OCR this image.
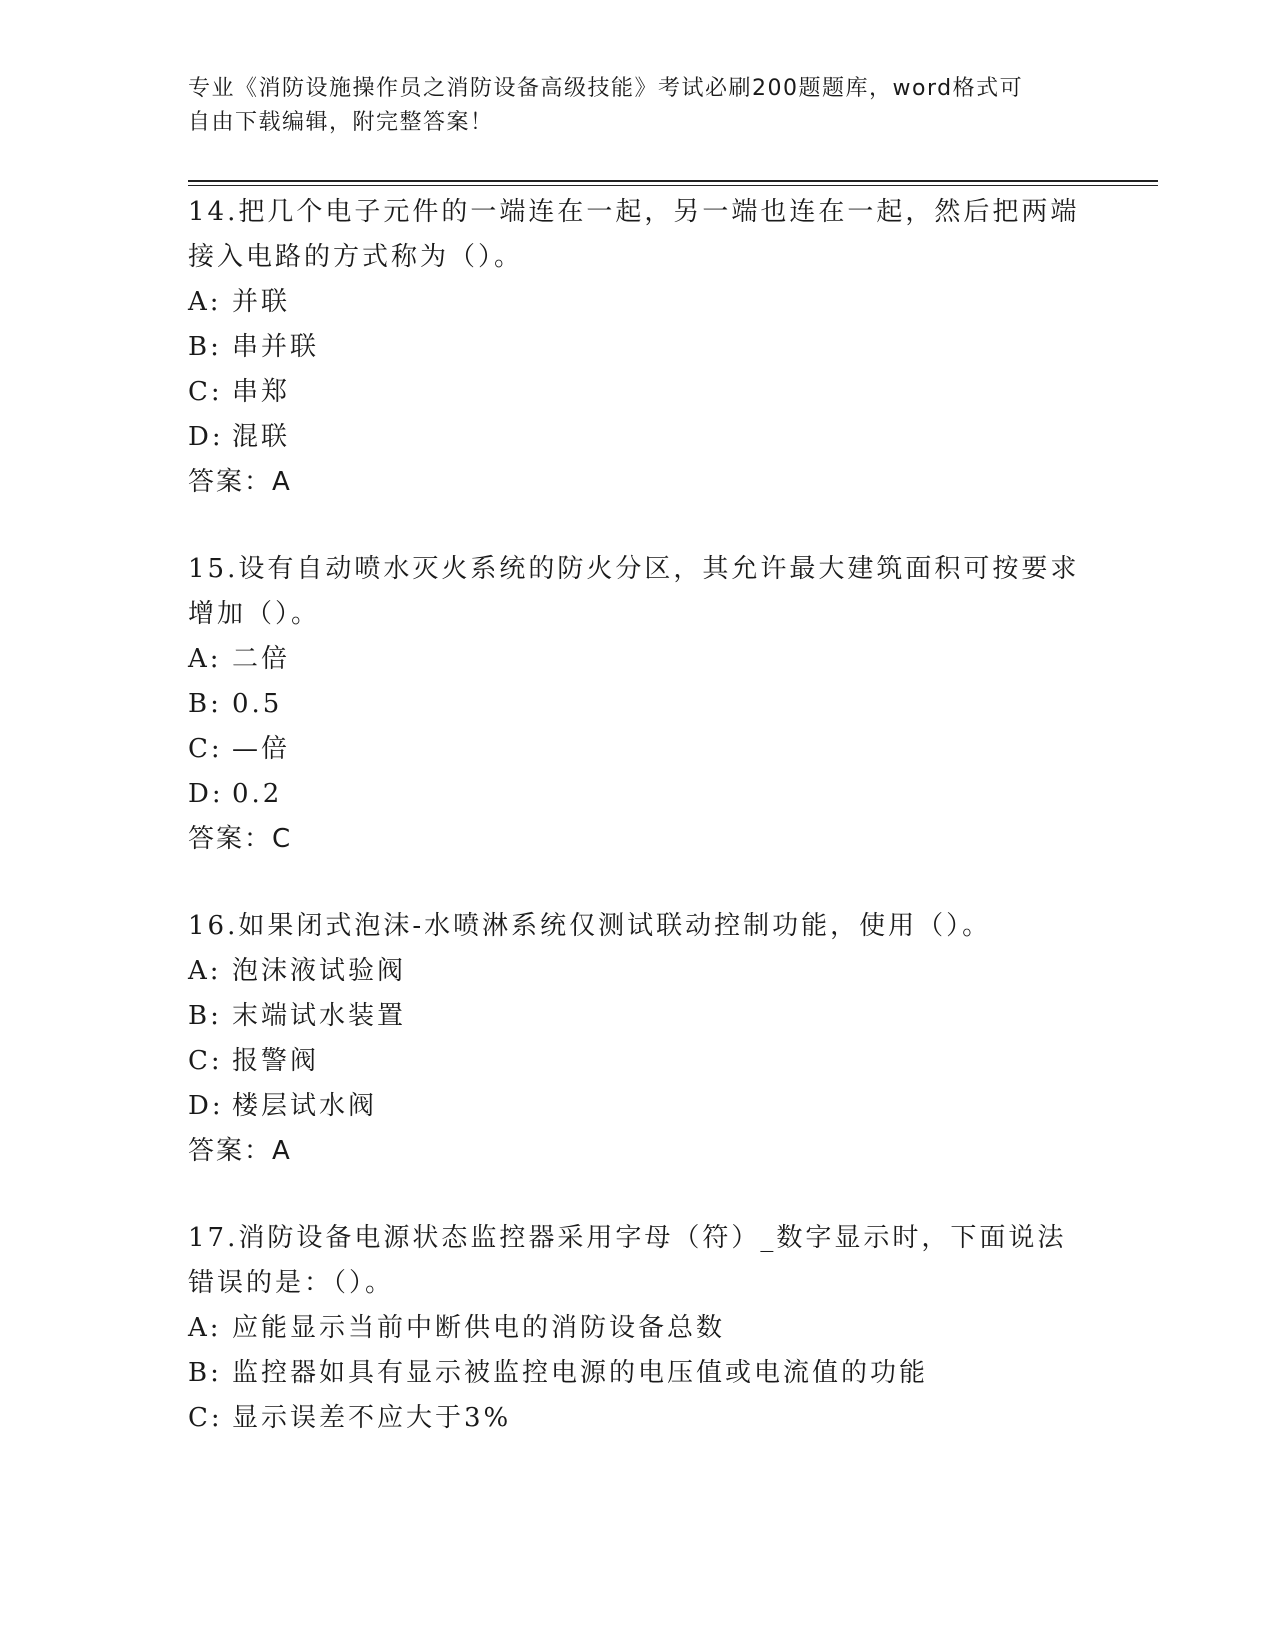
专业《消防设施操作员之消防设备高级技能》考试必刷200题题库，word格式可
自由下载编辑，附完整答案！

14.把几个电子元件的一端连在一起，另一端也连在一起，然后把两端

接入电路的方式称为（）。

A: 并联
B: 串并联
C: 串郑
D: 混联

答案：A

15.设有自动喷水灭火系统的防火分区，其允许最大建筑面积可按要求

增加（）。

A: 二倍
B: 0.5
C: —倍
D: 0.2

答案：C

16.如果闭式泡沫-水喷淋系统仅测试联动控制功能，使用（）。

A: 泡沫液试验阀
B: 末端试水装置
C: 报警阀
D: 楼层试水阀

答案：A

17.消防设备电源状态监控器采用字母（符）_数字显示时，下面说法

错误的是：（）。

A: 应能显示当前中断供电的消防设备总数
B: 监控器如具有显示被监控电源的电压值或电流值的功能
C: 显示误差不应大于3%
